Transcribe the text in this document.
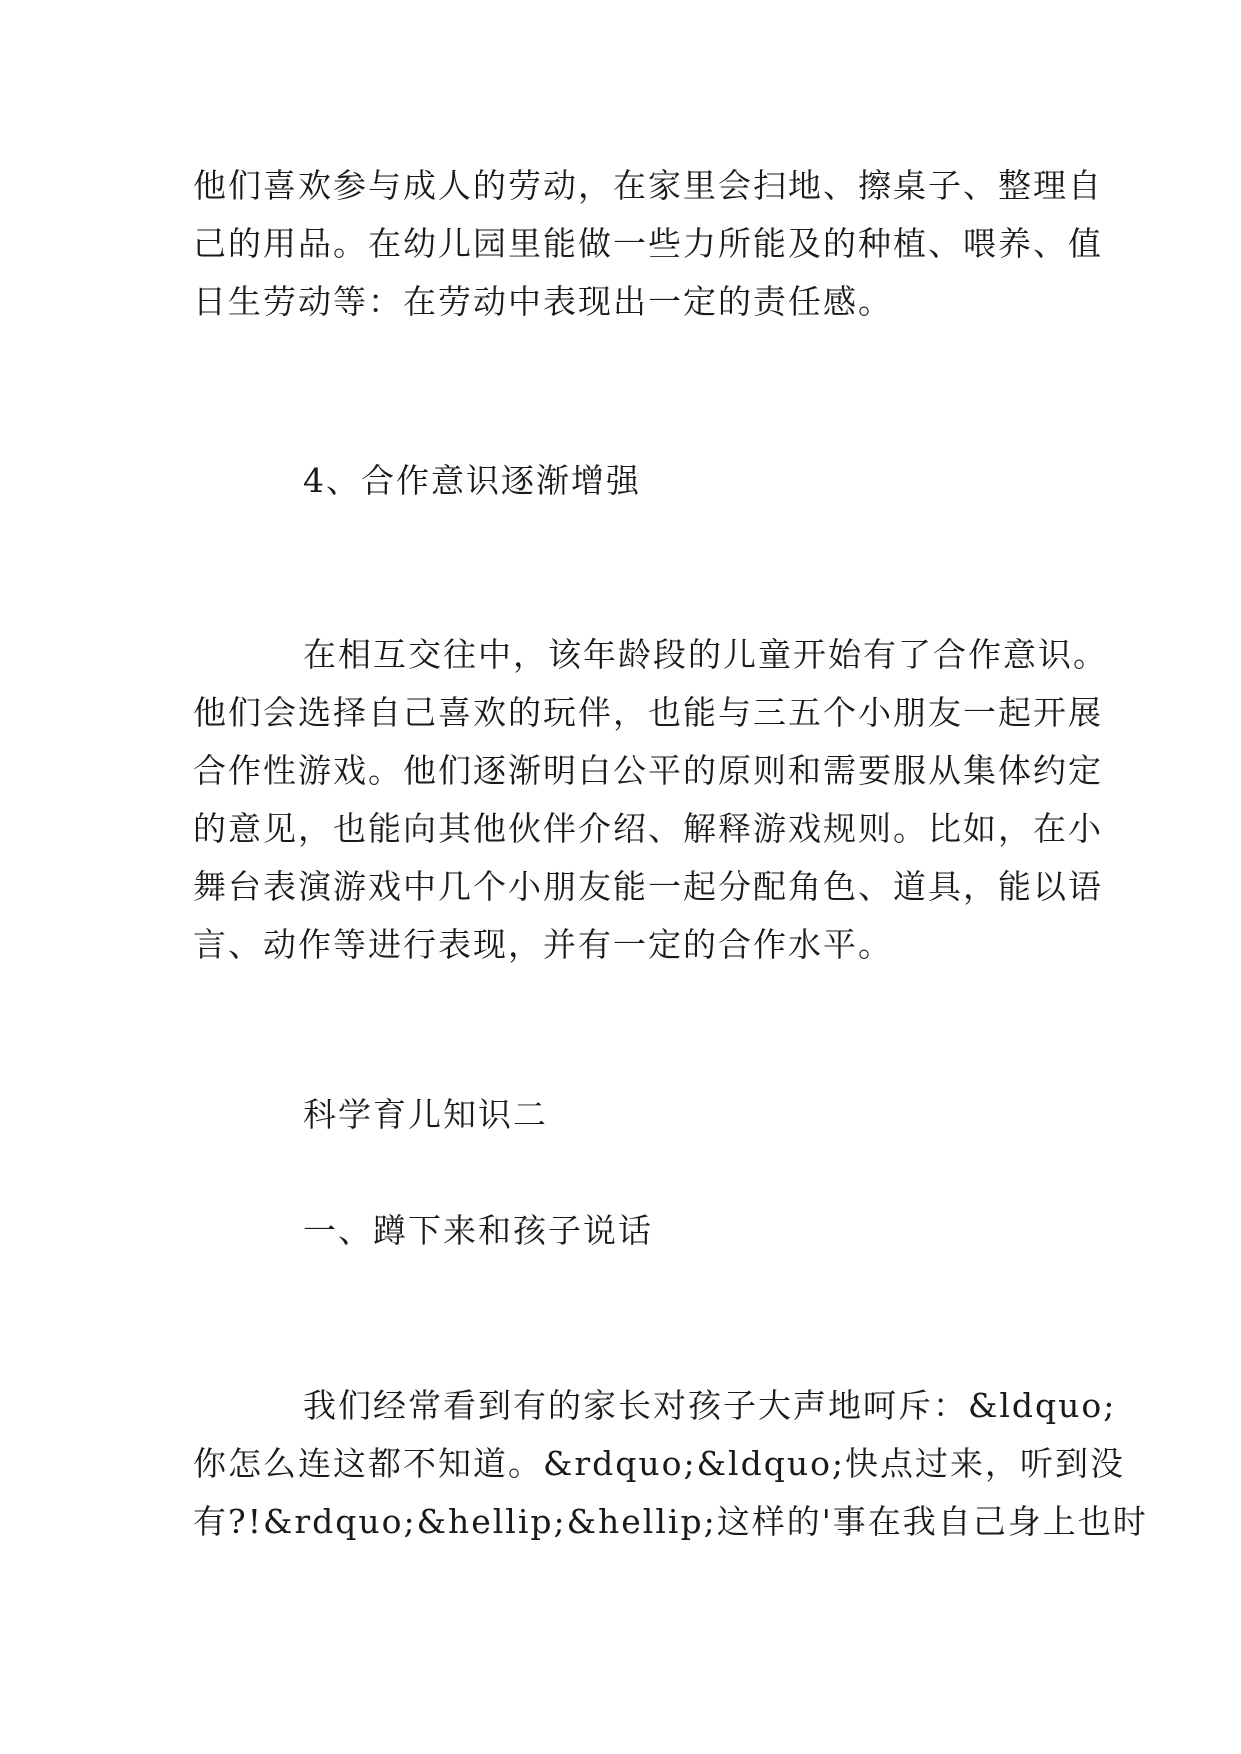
他们喜欢参与成人的劳动，在家里会扫地、擦桌子、整理自
己的用品。在幼儿园里能做一些力所能及的种植、喂养、值
日生劳动等：在劳动中表现出一定的责任感。
4、合作意识逐渐增强
在相互交往中，该年龄段的儿童开始有了合作意识。
他们会选择自己喜欢的玩伴，也能与三五个小朋友一起开展
合作性游戏。他们逐渐明白公平的原则和需要服从集体约定
的意见，也能向其他伙伴介绍、解释游戏规则。比如，在小
舞台表演游戏中几个小朋友能一起分配角色、道具，能以语
言、动作等进行表现，并有一定的合作水平。
科学育儿知识二
一、蹲下来和孩子说话
我们经常看到有的家长对孩子大声地呵斥：&ldquo;
你怎么连这都不知道。&rdquo;&ldquo;快点过来，听到没
有?!&rdquo;&hellip;&hellip;这样的'事在我自己身上也时
